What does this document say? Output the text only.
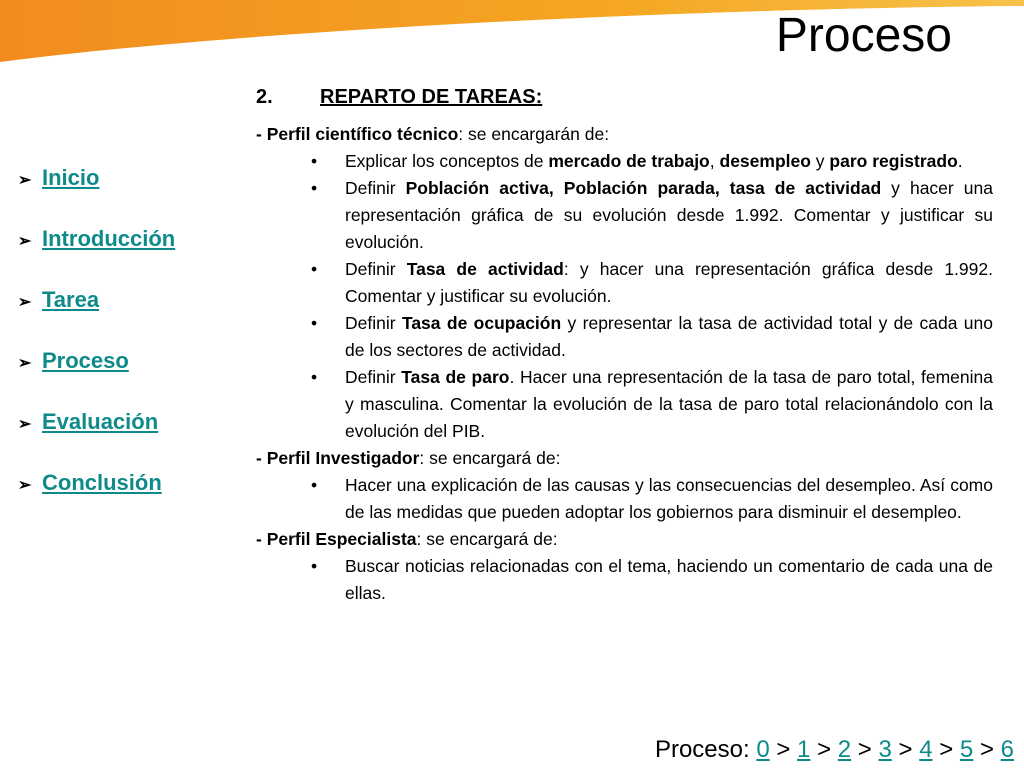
Proceso
➢ Inicio
➢ Introducción
➢ Tarea
➢ Proceso
➢ Evaluación
➢ Conclusión
2.	REPARTO DE TAREAS:

- Perfil científico técnico: se encargarán de:

• Explicar los conceptos de mercado de trabajo, desempleo y paro registrado.
• Definir Población activa, Población parada, tasa de actividad y hacer una representación gráfica de su evolución desde 1.992. Comentar y justificar su evolución.
• Definir Tasa de actividad: y hacer una representación gráfica desde 1.992. Comentar y justificar su evolución.
• Definir Tasa de ocupación y representar la tasa de actividad total y de cada uno de los sectores de actividad.
• Definir Tasa de paro. Hacer una representación de la tasa de paro total, femenina y masculina. Comentar la evolución de la tasa de paro total relacionándolo con la evolución del PIB.

- Perfil Investigador: se encargará de:

• Hacer una explicación de las causas y las consecuencias del desempleo. Así como de las medidas que pueden adoptar los gobiernos para disminuir el desempleo.

- Perfil Especialista: se encargará de:

• Buscar noticias relacionadas con el tema, haciendo un comentario de cada una de ellas.
Proceso: 0 > 1 > 2 > 3 > 4 > 5 > 6
